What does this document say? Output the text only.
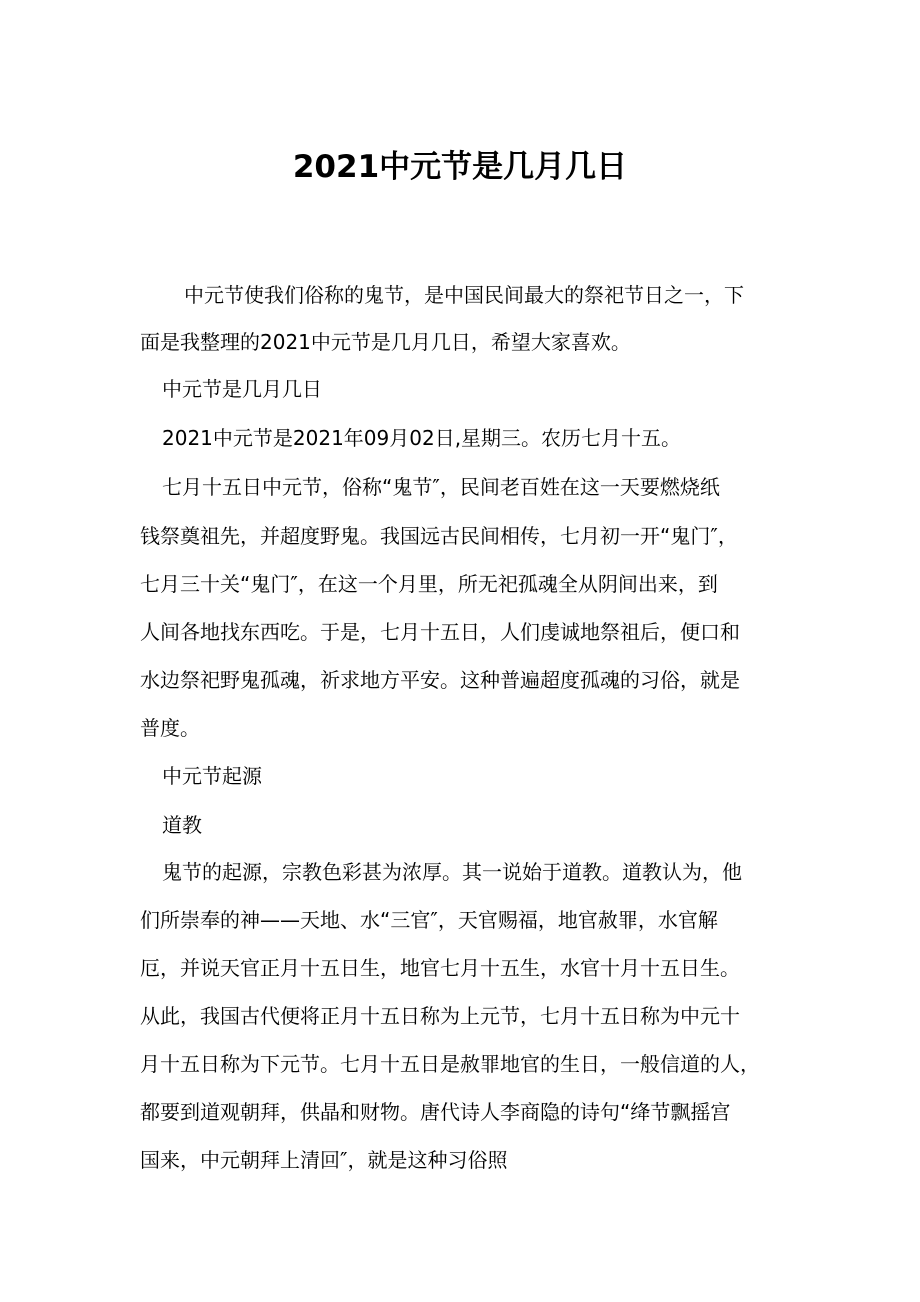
2021中元节是几月几日

中元节使我们俗称的鬼节，是中国民间最大的祭祀节日之一，下

面是我整理的2021中元节是几月几日，希望大家喜欢。

中元节是几月几日

2021中元节是2021年09月02日,星期三。农历七月十五。

七月十五日中元节，俗称“鬼节″，民间老百姓在这一天要燃烧纸

钱祭奠祖先，并超度野鬼。我国远古民间相传，七月初一开“鬼门″，

七月三十关“鬼门″，在这一个月里，所无祀孤魂全从阴间出来，到

人间各地找东西吃。于是，七月十五日，人们虔诚地祭祖后，便口和

水边祭祀野鬼孤魂，祈求地方平安。这种普遍超度孤魂的习俗，就是

普度。

中元节起源

道教

鬼节的起源，宗教色彩甚为浓厚。其一说始于道教。道教认为，他

们所崇奉的神——天地、水“三官″，天官赐福，地官赦罪，水官解

厄，并说天官正月十五日生，地官七月十五生，水官十月十五日生。

从此，我国古代便将正月十五日称为上元节，七月十五日称为中元十

月十五日称为下元节。七月十五日是赦罪地官的生日，一般信道的人，

都要到道观朝拜，供晶和财物。唐代诗人李商隐的诗句“绛节飘摇宫

国来，中元朝拜上清回″，就是这种习俗照
